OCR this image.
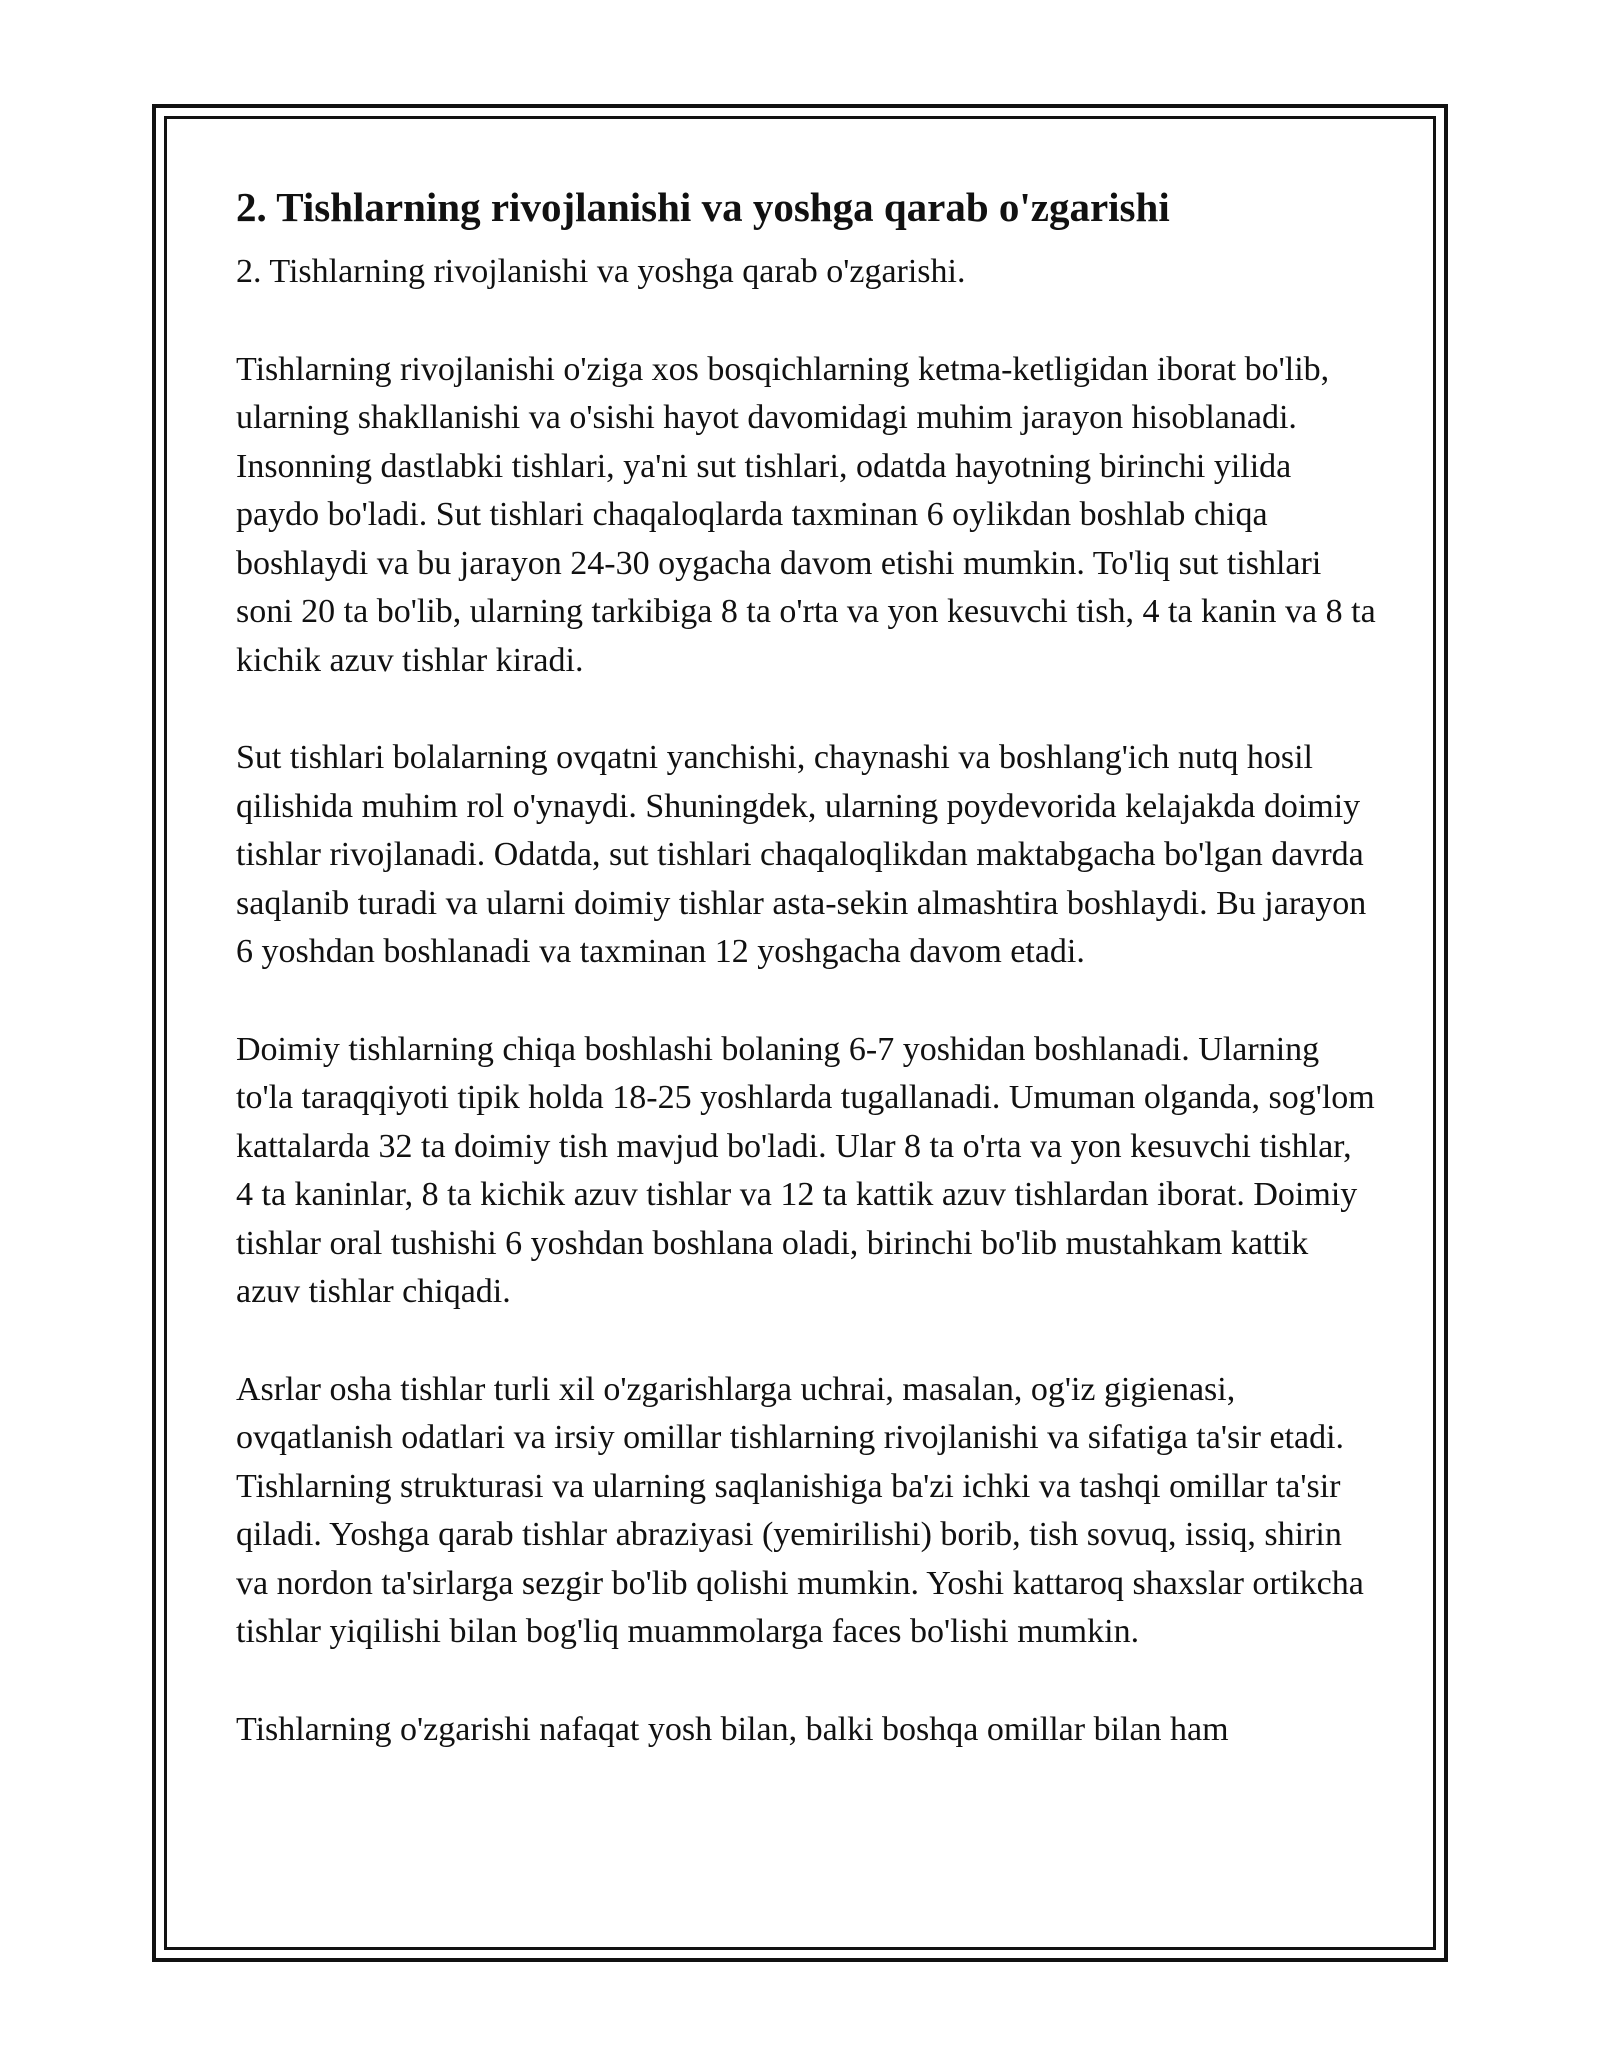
2. Tishlarning rivojlanishi va yoshga qarab o'zgarishi

2. Tishlarning rivojlanishi va yoshga qarab o'zgarishi.

Tishlarning rivojlanishi o'ziga xos bosqichlarning ketma-ketligidan iborat bo'lib, ularning shakllanishi va o'sishi hayot davomidagi muhim jarayon hisoblanadi. Insonning dastlabki tishlari, ya'ni sut tishlari, odatda hayotning birinchi yilida paydo bo'ladi. Sut tishlari chaqaloqlarda taxminan 6 oylikdan boshlab chiqa boshlaydi va bu jarayon 24-30 oygacha davom etishi mumkin. To'liq sut tishlari soni 20 ta bo'lib, ularning tarkibiga 8 ta o'rta va yon kesuvchi tish, 4 ta kanin va 8 ta kichik azuv tishlar kiradi.

Sut tishlari bolalarning ovqatni yanchishi, chaynashi va boshlang'ich nutq hosil qilishida muhim rol o'ynaydi. Shuningdek, ularning poydevorida kelajakda doimiy tishlar rivojlanadi. Odatda, sut tishlari chaqaloqlikdan maktabgacha bo'lgan davrda saqlanib turadi va ularni doimiy tishlar asta-sekin almashtira boshlaydi. Bu jarayon 6 yoshdan boshlanadi va taxminan 12 yoshgacha davom etadi.

Doimiy tishlarning chiqa boshlashi bolaning 6-7 yoshidan boshlanadi. Ularning to'la taraqqiyoti tipik holda 18-25 yoshlarda tugallanadi. Umuman olganda, sog'lom kattalarda 32 ta doimiy tish mavjud bo'ladi. Ular 8 ta o'rta va yon kesuvchi tishlar, 4 ta kaninlar, 8 ta kichik azuv tishlar va 12 ta kattik azuv tishlardan iborat. Doimiy tishlar oral tushishi 6 yoshdan boshlana oladi, birinchi bo'lib mustahkam kattik azuv tishlar chiqadi.

Asrlar osha tishlar turli xil o'zgarishlarga uchrai, masalan, og'iz gigienasi, ovqatlanish odatlari va irsiy omillar tishlarning rivojlanishi va sifatiga ta'sir etadi. Tishlarning strukturasi va ularning saqlanishiga ba'zi ichki va tashqi omillar ta'sir qiladi. Yoshga qarab tishlar abraziyasi (yemirilishi) borib, tish sovuq, issiq, shirin va nordon ta'sirlarga sezgir bo'lib qolishi mumkin. Yoshi kattaroq shaxslar ortikcha tishlar yiqilishi bilan bog'liq muammolarga faces bo'lishi mumkin.

Tishlarning o'zgarishi nafaqat yosh bilan, balki boshqa omillar bilan ham
